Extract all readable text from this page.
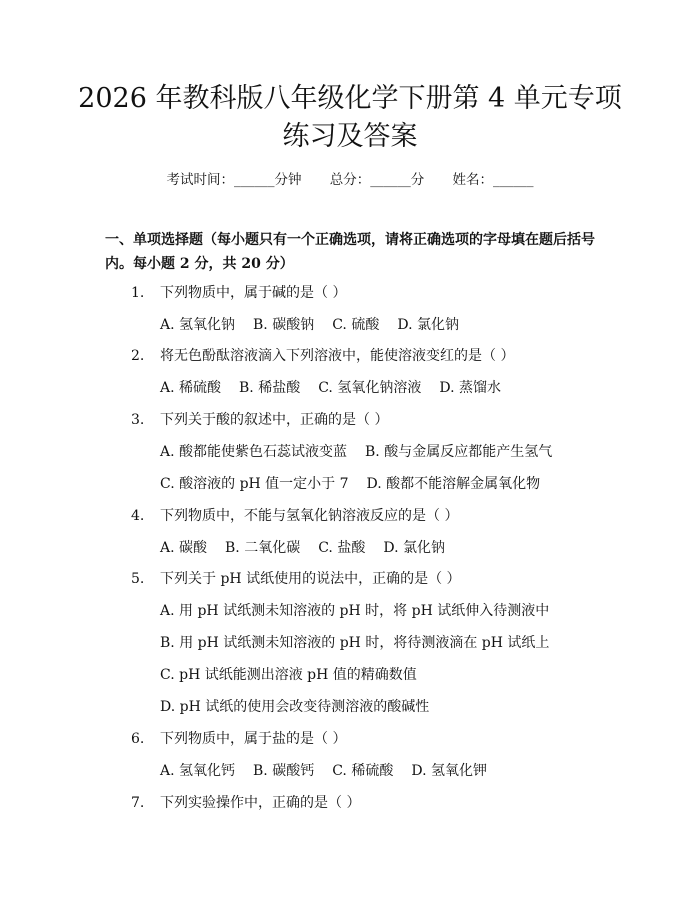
2026 年教科版八年级化学下册第 4 单元专项
练习及答案
考试时间：______分钟 总分：______分 姓名：______
一、单项选择题（每小题只有一个正确选项，请将正确选项的字母填在题后括号内。每小题 2 分，共 20 分）
1. 下列物质中，属于碱的是（ ）
A. 氢氧化钠 B. 碳酸钠 C. 硫酸 D. 氯化钠
2. 将无色酚酞溶液滴入下列溶液中，能使溶液变红的是（ ）
A. 稀硫酸 B. 稀盐酸 C. 氢氧化钠溶液 D. 蒸馏水
3. 下列关于酸的叙述中，正确的是（ ）
A. 酸都能使紫色石蕊试液变蓝 B. 酸与金属反应都能产生氢气
C. 酸溶液的 pH 值一定小于 7 D. 酸都不能溶解金属氧化物
4. 下列物质中，不能与氢氧化钠溶液反应的是（ ）
A. 碳酸 B. 二氧化碳 C. 盐酸 D. 氯化钠
5. 下列关于 pH 试纸使用的说法中，正确的是（ ）
A. 用 pH 试纸测未知溶液的 pH 时，将 pH 试纸伸入待测液中
B. 用 pH 试纸测未知溶液的 pH 时，将待测液滴在 pH 试纸上
C. pH 试纸能测出溶液 pH 值的精确数值
D. pH 试纸的使用会改变待测溶液的酸碱性
6. 下列物质中，属于盐的是（ ）
A. 氢氧化钙 B. 碳酸钙 C. 稀硫酸 D. 氢氧化钾
7. 下列实验操作中，正确的是（ ）
